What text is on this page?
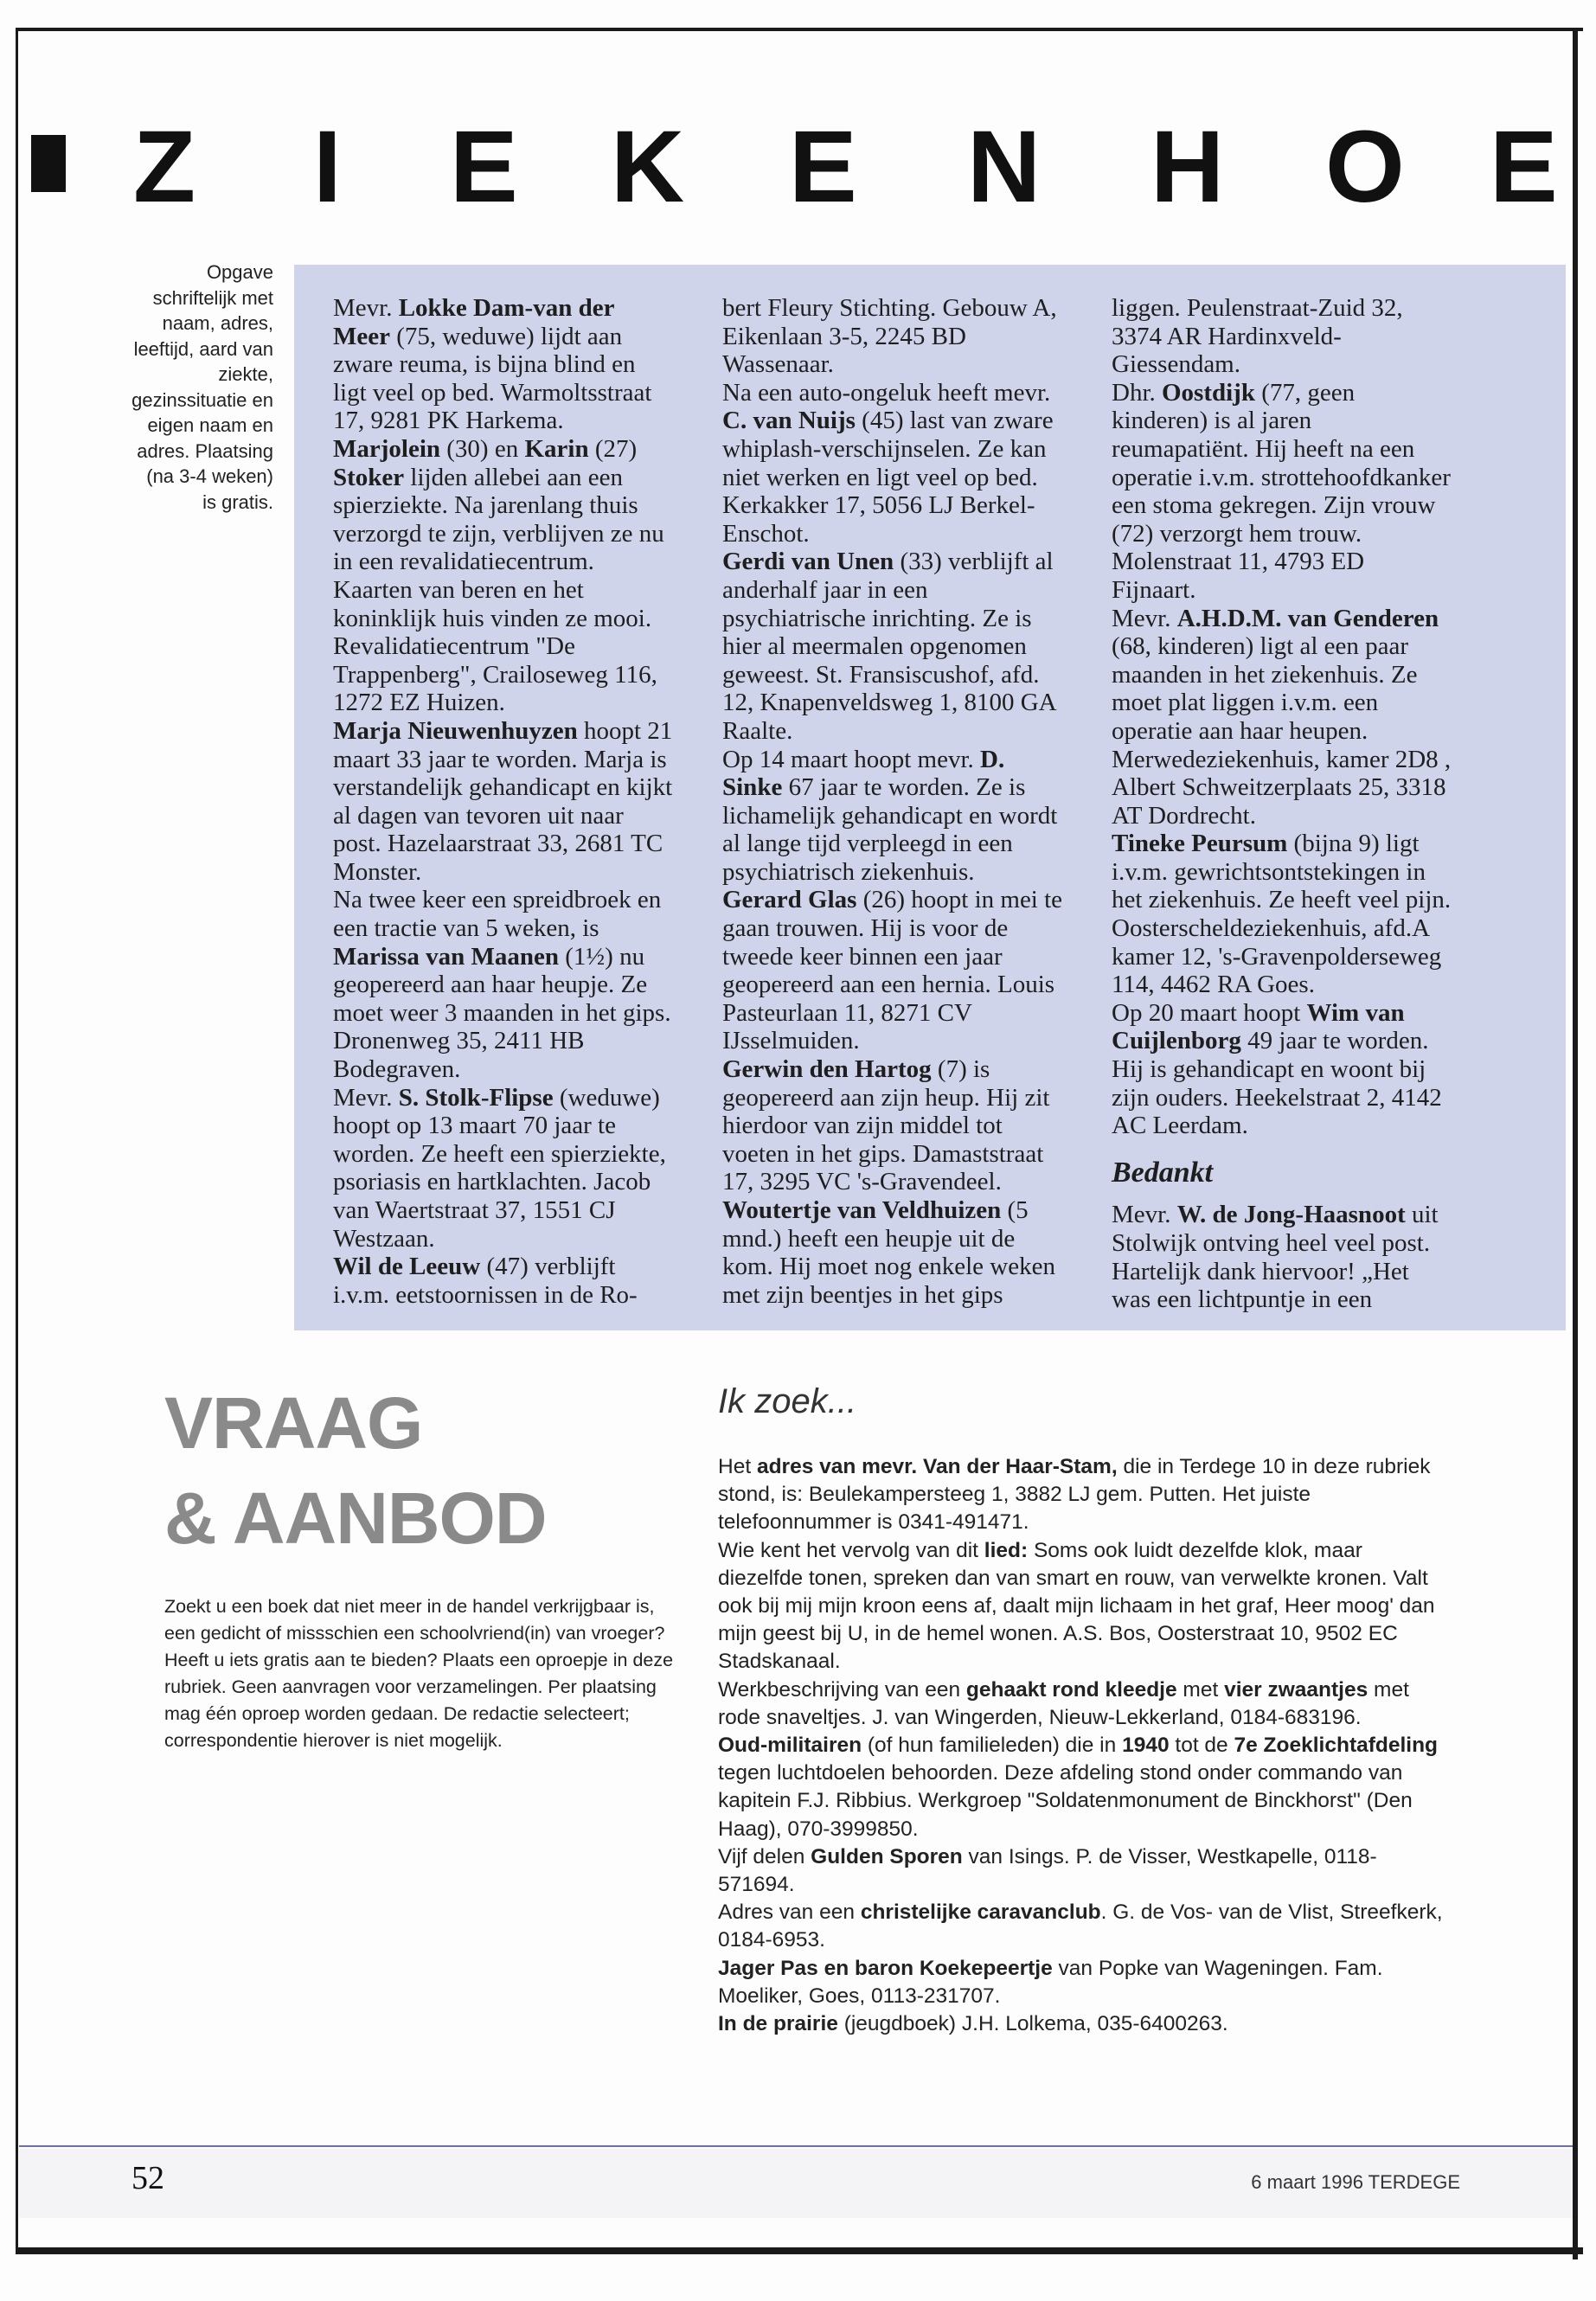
Z I E K E N H O E
Opgave schriftelijk met naam, adres, leeftijd, aard van ziekte, gezinssituatie en eigen naam en adres. Plaatsing (na 3-4 weken) is gratis.

Mevr. Lokke Dam-van der Meer (75, weduwe) lijdt aan zware reuma, is bijna blind en ligt veel op bed. Warmoltsstraat 17, 9281 PK Harkema.

Marjolein (30) en Karin (27) Stoker lijden allebei aan een spierziekte. Na jarenlang thuis verzorgd te zijn, verblijven ze nu in een revalidatiecentrum. Kaarten van beren en het koninklijk huis vinden ze mooi. Revalidatiecentrum "De Trappenberg", Crailoseweg 116, 1272 EZ Huizen.

Marja Nieuwenhuyzen hoopt 21 maart 33 jaar te worden. Marja is verstandelijk gehandicapt en kijkt al dagen van tevoren uit naar post. Hazelaarstraat 33, 2681 TC Monster.

Na twee keer een spreidbroek en een tractie van 5 weken, is Marissa van Maanen (1½) nu geopereerd aan haar heupje. Ze moet weer 3 maanden in het gips. Dronenweg 35, 2411 HB Bodegraven.

Mevr. S. Stolk-Flipse (weduwe) hoopt op 13 maart 70 jaar te worden. Ze heeft een spierziekte, psoriasis en hartklachten. Jacob van Waertstraat 37, 1551 CJ Westzaan.

Wil de Leeuw (47) verblijft i.v.m. eetstoornissen in de Ro-

bert Fleury Stichting. Gebouw A, Eikenlaan 3-5, 2245 BD Wassenaar.

Na een auto-ongeluk heeft mevr. C. van Nuijs (45) last van zware whiplash-verschijnselen. Ze kan niet werken en ligt veel op bed. Kerkakker 17, 5056 LJ Berkel-Enschot.

Gerdi van Unen (33) verblijft al anderhalf jaar in een psychiatrische inrichting. Ze is hier al meermalen opgenomen geweest. St. Fransiscushof, afd. 12, Knapenveldsweg 1, 8100 GA Raalte.

Op 14 maart hoopt mevr. D. Sinke 67 jaar te worden. Ze is lichamelijk gehandicapt en wordt al lange tijd verpleegd in een psychiatrisch ziekenhuis.

Gerard Glas (26) hoopt in mei te gaan trouwen. Hij is voor de tweede keer binnen een jaar geopereerd aan een hernia. Louis Pasteurlaan 11, 8271 CV IJsselmuiden.

Gerwin den Hartog (7) is geopereerd aan zijn heup. Hij zit hierdoor van zijn middel tot voeten in het gips. Damaststraat 17, 3295 VC 's-Gravendeel.

Woutertje van Veldhuizen (5 mnd.) heeft een heupje uit de kom. Hij moet nog enkele weken met zijn beentjes in het gips

liggen. Peulenstraat-Zuid 32, 3374 AR Hardinxveld-Giessendam.

Dhr. Oostdijk (77, geen kinderen) is al jaren reumapatiënt. Hij heeft na een operatie i.v.m. strottehoofdkanker een stoma gekregen. Zijn vrouw (72) verzorgt hem trouw. Molenstraat 11, 4793 ED Fijnaart.

Mevr. A.H.D.M. van Genderen (68, kinderen) ligt al een paar maanden in het ziekenhuis. Ze moet plat liggen i.v.m. een operatie aan haar heupen. Merwedeziekenhuis, kamer 2D8 , Albert Schweitzerplaats 25, 3318 AT Dordrecht.

Tineke Peursum (bijna 9) ligt i.v.m. gewrichtsontstekingen in het ziekenhuis. Ze heeft veel pijn. Oosterscheldeziekenhuis, afd.A kamer 12, 's-Gravenpolderseweg 114, 4462 RA Goes.

Op 20 maart hoopt Wim van Cuijlenborg 49 jaar te worden. Hij is gehandicapt en woont bij zijn ouders. Heekelstraat 2, 4142 AC Leerdam.

Bedankt

Mevr. W. de Jong-Haasnoot uit Stolwijk ontving heel veel post. Hartelijk dank hiervoor! „Het was een lichtpuntje in een

VRAAG
& AANBOD
Zoekt u een boek dat niet meer in de handel verkrijgbaar is, een gedicht of missschien een schoolvriend(in) van vroeger? Heeft u iets gratis aan te bieden? Plaats een oproepje in deze rubriek. Geen aanvragen voor verzamelingen. Per plaatsing mag één oproep worden gedaan. De redactie selecteert; correspondentie hierover is niet mogelijk.
Ik zoek...

Het adres van mevr. Van der Haar-Stam, die in Terdege 10 in deze rubriek stond, is: Beulekampersteeg 1, 3882 LJ gem. Putten. Het juiste telefoonnummer is 0341-491471.

Wie kent het vervolg van dit lied: Soms ook luidt dezelfde klok, maar diezelfde tonen, spreken dan van smart en rouw, van verwelkte kronen. Valt ook bij mij mijn kroon eens af, daalt mijn lichaam in het graf, Heer moog' dan mijn geest bij U, in de hemel wonen. A.S. Bos, Oosterstraat 10, 9502 EC Stadskanaal.

Werkbeschrijving van een gehaakt rond kleedje met vier zwaantjes met rode snaveltjes. J. van Wingerden, Nieuw-Lekkerland, 0184-683196.

Oud-militairen (of hun familieleden) die in 1940 tot de 7e Zoeklichtafdeling tegen luchtdoelen behoorden. Deze afdeling stond onder commando van kapitein F.J. Ribbius. Werkgroep "Soldatenmonument de Binckhorst" (Den Haag), 070-3999850.

Vijf delen Gulden Sporen van Isings. P. de Visser, Westkapelle, 0118-571694.

Adres van een christelijke caravanclub. G. de Vos- van de Vlist, Streefkerk, 0184-6953.

Jager Pas en baron Koekepeertje van Popke van Wageningen. Fam. Moeliker, Goes, 0113-231707.

In de prairie (jeugdboek) J.H. Lolkema, 035-6400263.

52	6 maart 1996 TERDEGE
